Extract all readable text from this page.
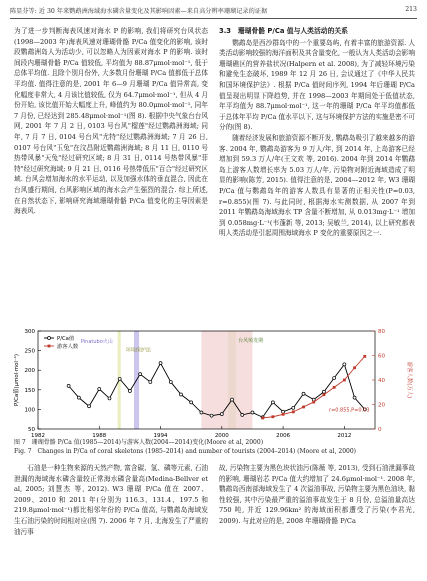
陈显芬等: 近 30 年来鹦鹉洲海域海水磷含量变化及其影响因素—来自高分辨率珊瑚记录的证据	213

为了进一步判断海表风速对海水 P 的影响, 我们将研究台风状态(1998—2003 年)海表风速对珊瑚骨骼 P/Ca 值变化的影响, 该时段鹦鹉洲岛人为活动少, 可以忽略人为因素对海水 P 的影响. 该时间段内珊瑚骨骼 P/Ca 值较低, 平均值为 88.87μmol·mol⁻¹, 低于总体平均值. 且除个别月份外, 大多数月份珊瑚 P/Ca 值都低于总体平均值. 值得注意的是, 2001 年 6—9 月珊瑚 P/Ca 值异常高, 变化幅度非常大, 4 月该比值较低, 仅为 64.7μmol·mol⁻¹, 但从 4 月份开始, 该比值开始大幅度上升, 峰值约为 80.0μmol·mol⁻¹, 同年 7 月份, 已经达到 285.48μmol·mol⁻¹(图 8). 根据中央气象台台风网, 2001 年 7 月 2 日, 0103 号台风"榴莲"经过鹦鹉洲海域; 同年, 7 月 7 日, 0104 号台风"尤特"经过鹦鹉洲海域; 7 月 26 日, 0107 号台风"玉兔"在汶昌附近鹦鹉洲海域; 8 月 11 日, 0110 号热带风暴"天兔"经过研究区域; 8 月 31 日, 0114 号热带风暴"菲特"经过研究海域; 9 月 21 日, 0116 号热带低压"百合"经过研究区域. 台风会增加海水的水平运动, 以及加强水体的垂直混合, 因此在台风盛行期间, 台风影响区域的海水会产生强烈的混合. 综上所述, 在自然状态下, 影响研究海域珊瑚骨骼 P/Ca 值变化的主导因素是海表风.

3.3　珊瑚骨骼 P/Ca 值与人类活动的关系

鹦鹉岛是西沙群岛中的一个重要岛屿, 有着丰富的旅游资源. 人类活动影响较强的海洋面积及其含量变化, 一般认为人类活动会影响珊瑚礁区的营养盐状况(Halpern et al. 2008), 为了减轻环境污染和避免生态破坏, 1989 年 12 月 26 日, 会议通过了《中华人民共和国环境保护法》. 根据 P/Ca 值时间序列, 1994 年后珊瑚 P/Ca 值呈现出明显下降趋势, 并在 1998—2003 年期间处于低值状态, 年平均值为 88.7μmol·mol⁻¹, 这一年的珊瑚 P/Ca 年平均值都低于总体年平均 P/Ca 值水平以下, 这与环境保护方法的实施是密不可分的(图 8).

随着经济发展和旅游资源不断开发, 鹦鹉岛吸引了越来越多的游客. 2004 年, 鹦鹉岛游客为 9 万人/年, 到 2014 年, 上岛游客已经增加到 59.3 万人/年(王文欢 等, 2016). 2004 年到 2014 年鹦鹉岛上游客人数增长率为 5.03 万人/年, 污染物对附近海域造成了明显的影响(陈芳, 2015). 值得注意的是, 2004—2012 年, W3 珊瑚 P/Ca 值与鹦鹉岛年的游客人数具有显著的正相关性(P=0.03, r=0.855)(图 7). 与此同时, 根据海水实测数据, 从 2007 年到 2011 年鹦鹉岛海域海水 TP 含量不断增加, 从 0.013mg·L⁻¹ 增加到 0.058mg·L⁻¹(韦蓬新 等, 2013; 吴敏兰, 2014), 以上研究都表明人类活动是引起周围海域海水 P 变化的重要原因之一.

50
100
150
200
250
300
0
20
40
60
80
1982	1988	1994	2000	2006	2012
P/Ca值
游客人数
r=0.855,P=0.03
Pinatubo火山
环境保护法
台风频发期
P/Ca值(μmol·mol⁻¹)	游客人数(万人)
图 7　珊瑚骨骼 P/Ca 值(1985—2014)与游客人数(2004—2014)变化(Moore et al, 2000)
Fig. 7　Changes in P/Ca of coral skeletons (1985–2014) and number of tourists (2004–2014) (Moore et al, 2000)

石油是一种生物来源的天然产物, 富含碳、氢、磷等元素, 石油泄漏的海域海水磷含量较正常海水磷含量高(Medina-Bellver et al, 2005; 刘慧杰 等, 2012). W3 珊瑚 P/Ca 值在 2007、2009、2010 和 2011 年(分别为 116.3、131.4、197.5 和 219.8μmol·mol⁻¹)都比相邻年份的 P/Ca 值高, 与鹦鹉岛海域发生石油污染的时间相对应(图 7). 2006 年 7 月, 北海发生了严重的油污事

故, 污染物主要为黑色块状油污(陈薇 等, 2013), 受到石油泄漏事故的影响, 珊瑚岩芯 P/Ca 值大约增加了 24.6μmol·mol⁻¹. 2008 年, 鹦鹉岛西南部海域发生了 4 次溢油事故, 污染物主要为黑色油块, 黏性较强, 其中污染最严重的溢油事故发生于 8 月份, 总溢油量高达 750 吨, 并近 129.96km² 的海域面积都遭受了污染(李君光, 2009). 与此对应的是, 2008 年珊瑚骨骼 P/Ca
